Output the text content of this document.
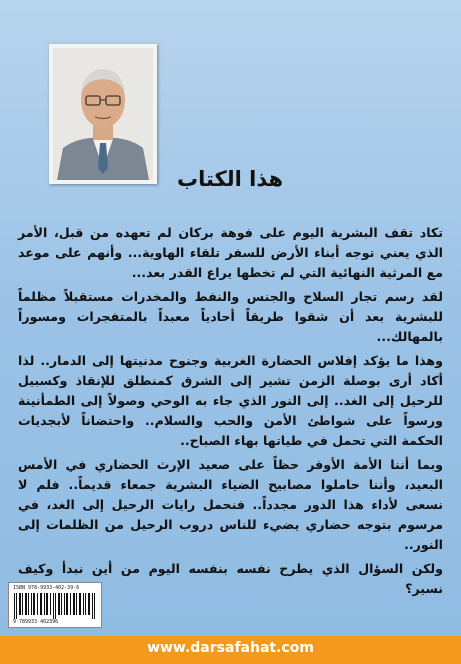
هذا الكتاب

تكاد تقف البشرية اليوم على فوهة بركان لم تعهده من قبل، الأمر الذي يعني توجه أبناء الأرض للسفر تلقاء الهاوية... وأنهم على موعد مع المرثية النهائية التي لم تخطها يراع القدر بعد...

لقد رسم تجار السلاح والجنس والنفط والمخدرات مستقبلاً مظلماً للبشرية بعد أن شقوا طريقاً أحادياً معبداً بالمتفجرات ومسوراً بالمهالك...

وهذا ما يؤكد إفلاس الحضارة الغربية وجنوح مدنيتها إلى الدمار.. لذا أكاد أرى بوصلة الزمن تشير إلى الشرق كمنطلق للإنقاذ وكسبيل للرحيل إلى الغد.. إلى النور الذي جاء به الوحي وصولاً إلى الطمأنينة ورسواً على شواطئ الأمن والحب والسلام.. واحتضاناً لأبجديات الحكمة التي تحمل في طياتها بهاء الصباح..

وبما أننا الأمة الأوفر حظاً على صعيد الإرث الحضاري في الأمس البعيد، وأننا حاملوا مصابيح الضياء البشرية جمعاء قديماً.. فلم لا نسعى لأداء هذا الدور مجدداً.. فنحمل رايات الرحيل إلى الغد، في مرسوم بتوجه حضاري يضيء للناس دروب الرحيل من الظلمات إلى النور..

ولكن السؤال الذي يطرح نفسه بنفسه اليوم من أين نبدأ وكيف نسير؟

ISBN 978-9933-402-39-6
9 789933 402396
www.darsafahat.com
